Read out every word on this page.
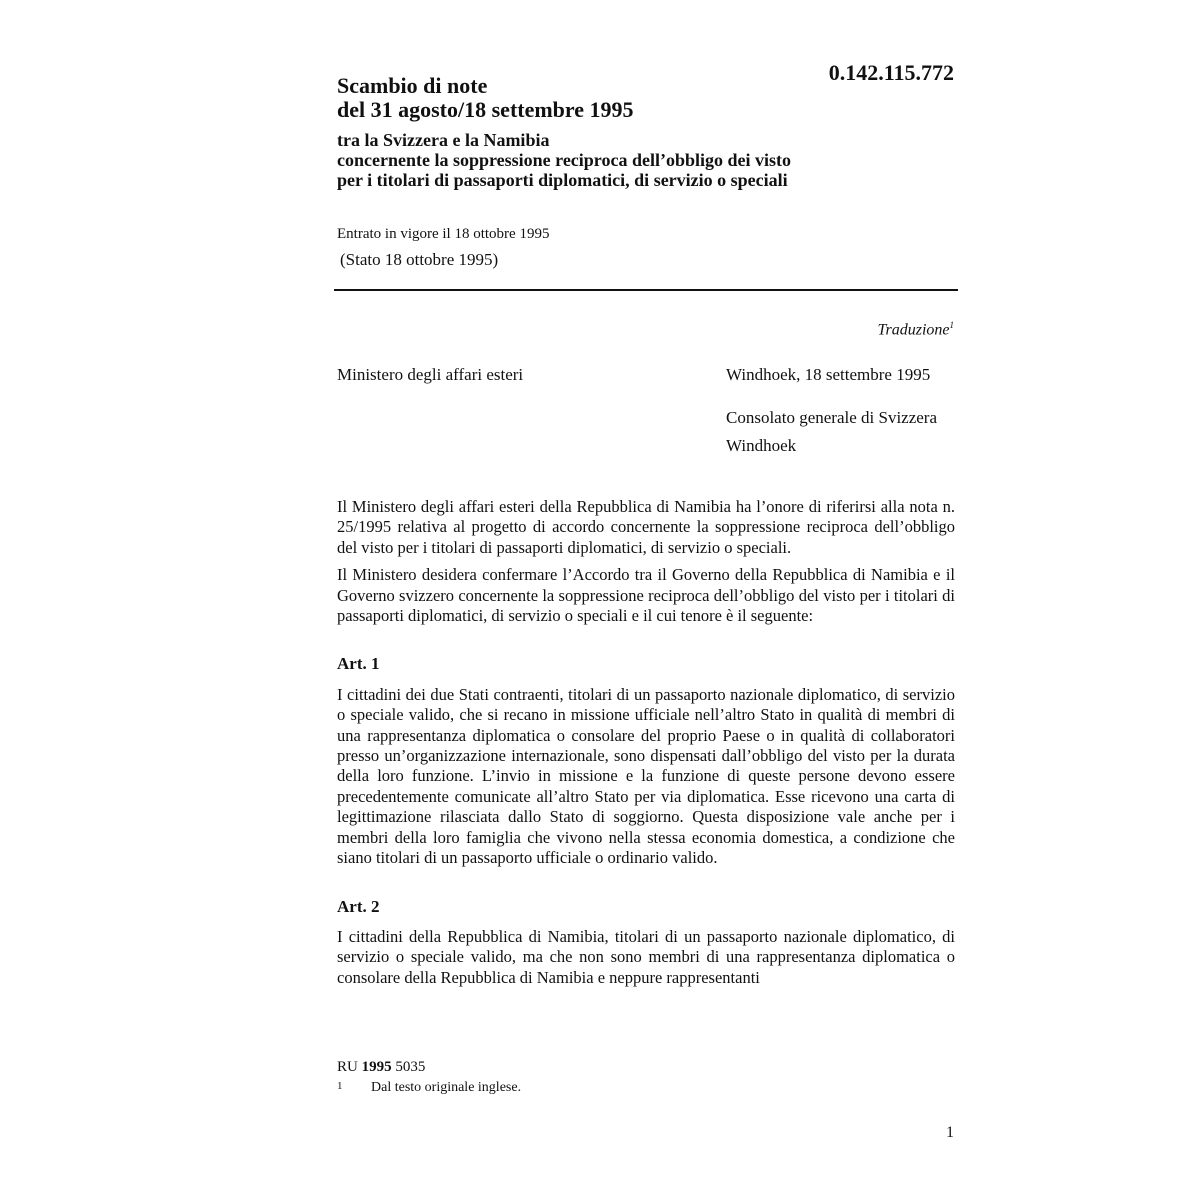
0.142.115.772
Scambio di note
del 31 agosto/18 settembre 1995
tra la Svizzera e la Namibia
concernente la soppressione reciproca dell’obbligo dei visto
per i titolari di passaporti diplomatici, di servizio o speciali
Entrato in vigore il 18 ottobre 1995
(Stato 18 ottobre 1995)
Traduzione$^1$
Ministero degli affari esteri	Windhoek, 18 settembre 1995
Consolato generale di Svizzera
Windhoek

Il Ministero degli affari esteri della Repubblica di Namibia ha l’onore di riferirsi alla nota n. 25/1995 relativa al progetto di accordo concernente la soppressione reciproca dell’obbligo del visto per i titolari di passaporti diplomatici, di servizio o speciali.

Il Ministero desidera confermare l’Accordo tra il Governo della Repubblica di Namibia e il Governo svizzero concernente la soppressione reciproca dell’obbligo del visto per i titolari di passaporti diplomatici, di servizio o speciali e il cui tenore è il seguente:

Art. 1

I cittadini dei due Stati contraenti, titolari di un passaporto nazionale diplomatico, di servizio o speciale valido, che si recano in missione ufficiale nell’altro Stato in qualità di membri di una rappresentanza diplomatica o consolare del proprio Paese o in qualità di collaboratori presso un’organizzazione internazionale, sono dispensati dall’obbligo del visto per la durata della loro funzione. L’invio in missione e la funzione di queste persone devono essere precedentemente comunicate all’altro Stato per via diplomatica. Esse ricevono una carta di legittimazione rilasciata dallo Stato di soggiorno. Questa disposizione vale anche per i membri della loro famiglia che vivono nella stessa economia domestica, a condizione che siano titolari di un passaporto ufficiale o ordinario valido.

Art. 2

I cittadini della Repubblica di Namibia, titolari di un passaporto nazionale diplomatico, di servizio o speciale valido, ma che non sono membri di una rappresentanza diplomatica o consolare della Repubblica di Namibia e neppure rappresentanti

RU 1995 5035
1 Dal testo originale inglese.
1
